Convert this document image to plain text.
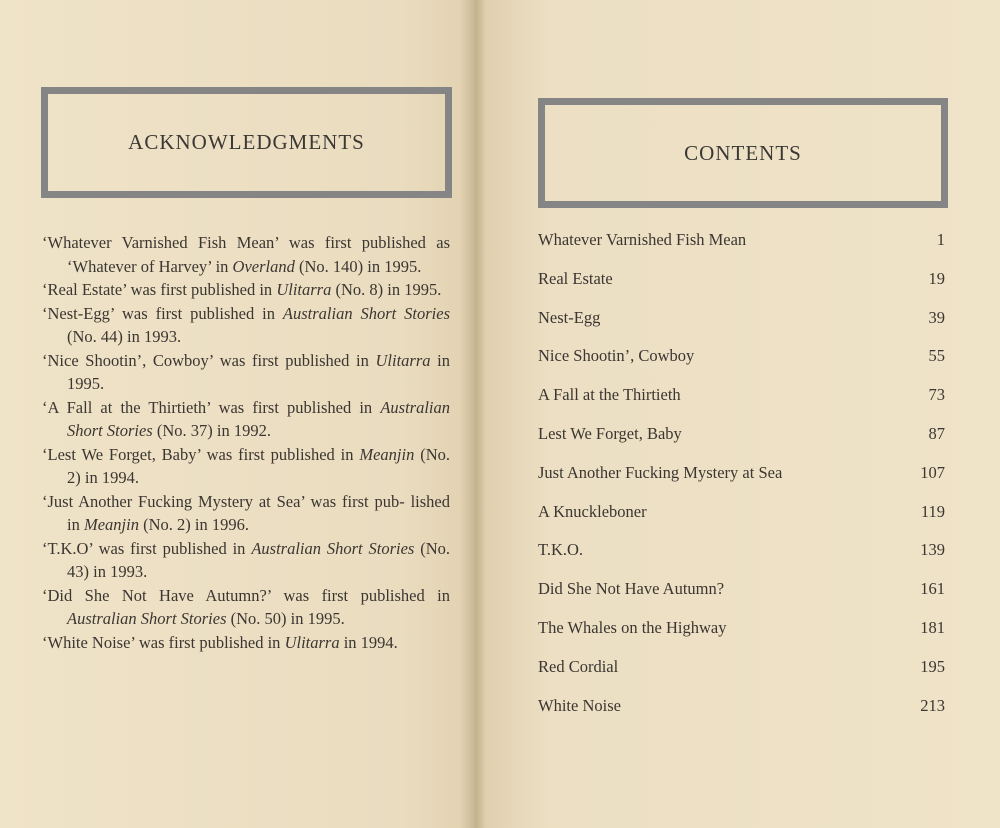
ACKNOWLEDGMENTS
‘Whatever Varnished Fish Mean’ was first published as ‘Whatever of Harvey’ in Overland (No. 140) in 1995.
‘Real Estate’ was first published in Ulitarra (No. 8) in 1995.
‘Nest-Egg’ was first published in Australian Short Stories (No. 44) in 1993.
‘Nice Shootin’, Cowboy’ was first published in Ulitarra in 1995.
‘A Fall at the Thirtieth’ was first published in Australian Short Stories (No. 37) in 1992.
‘Lest We Forget, Baby’ was first published in Meanjin (No. 2) in 1994.
‘Just Another Fucking Mystery at Sea’ was first pub- lished in Meanjin (No. 2) in 1996.
‘T.K.O’ was first published in Australian Short Stories (No. 43) in 1993.
‘Did She Not Have Autumn?’ was first published in Australian Short Stories (No. 50) in 1995.
‘White Noise’ was first published in Ulitarra in 1994.
CONTENTS
Whatever Varnished Fish Mean	1
Real Estate	19
Nest-Egg	39
Nice Shootin’, Cowboy	55
A Fall at the Thirtieth	73
Lest We Forget, Baby	87
Just Another Fucking Mystery at Sea	107
A Knuckleboner	119
T.K.O.	139
Did She Not Have Autumn?	161
The Whales on the Highway	181
Red Cordial	195
White Noise	213
